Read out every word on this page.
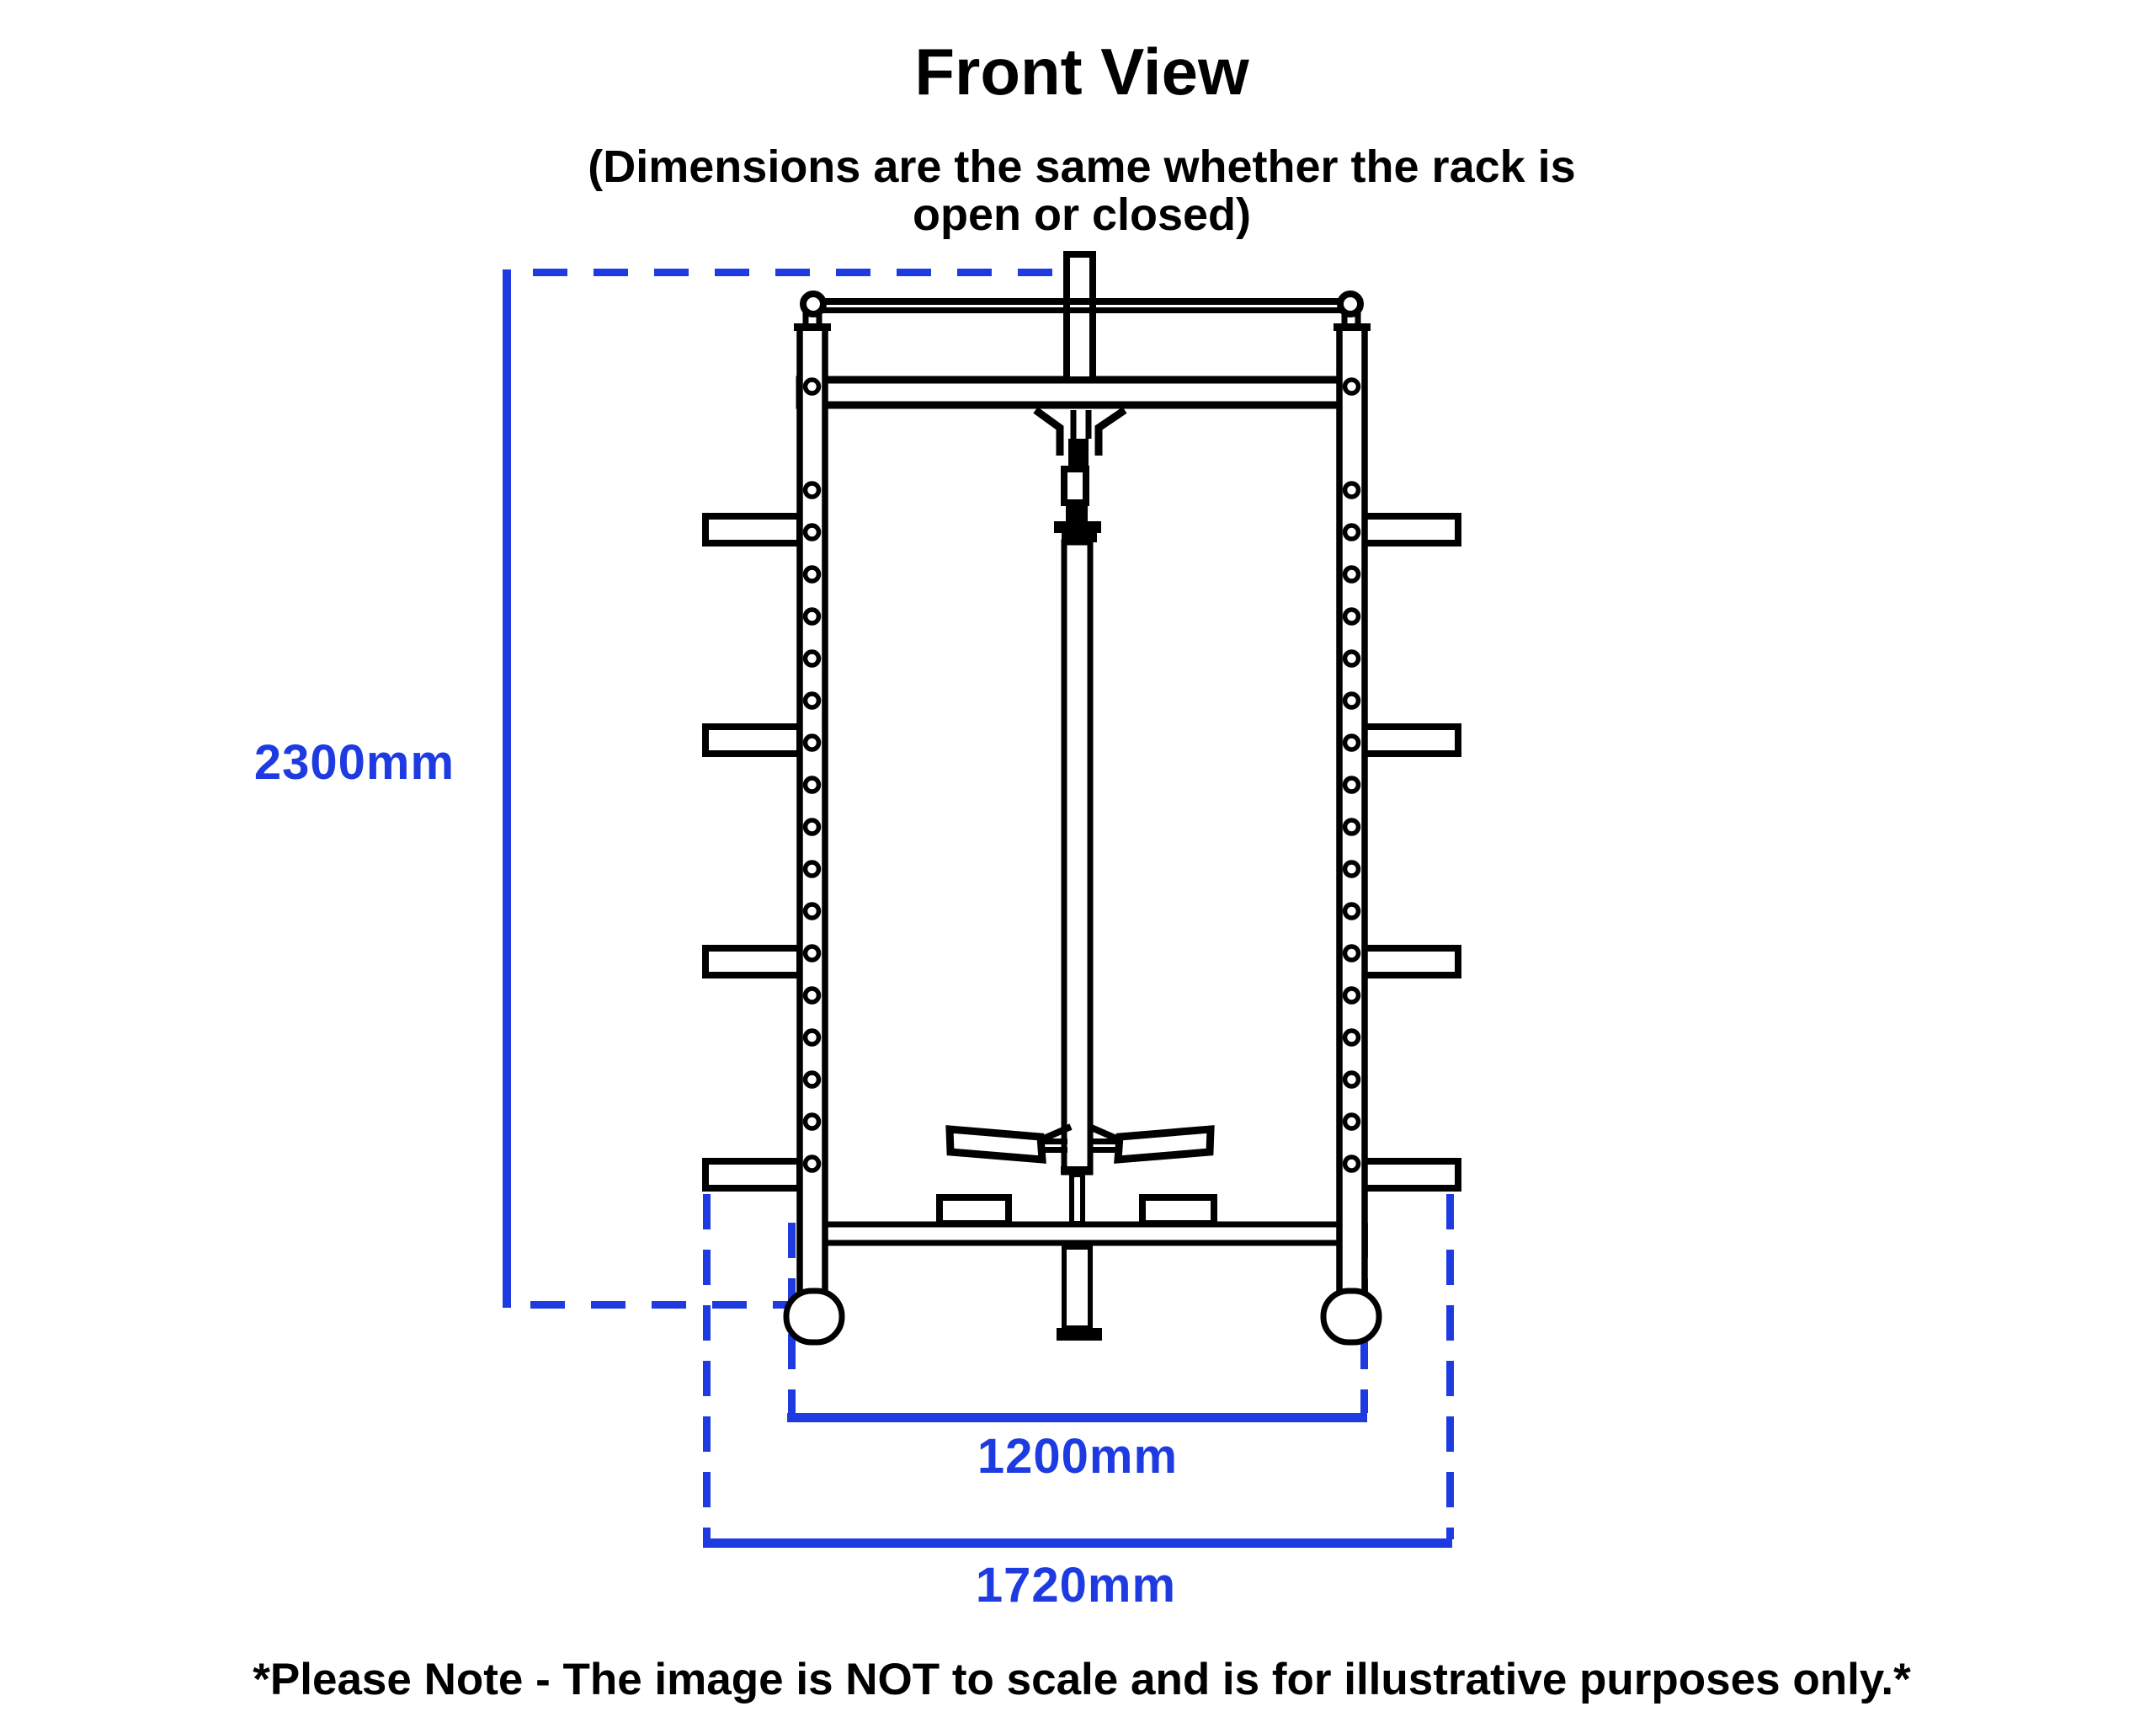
Front View
(Dimensions are the same whether the rack is
open or closed)
2300mm
1200mm
1720mm
*Please Note - The image is NOT to scale and is for illustrative purposes only.*
